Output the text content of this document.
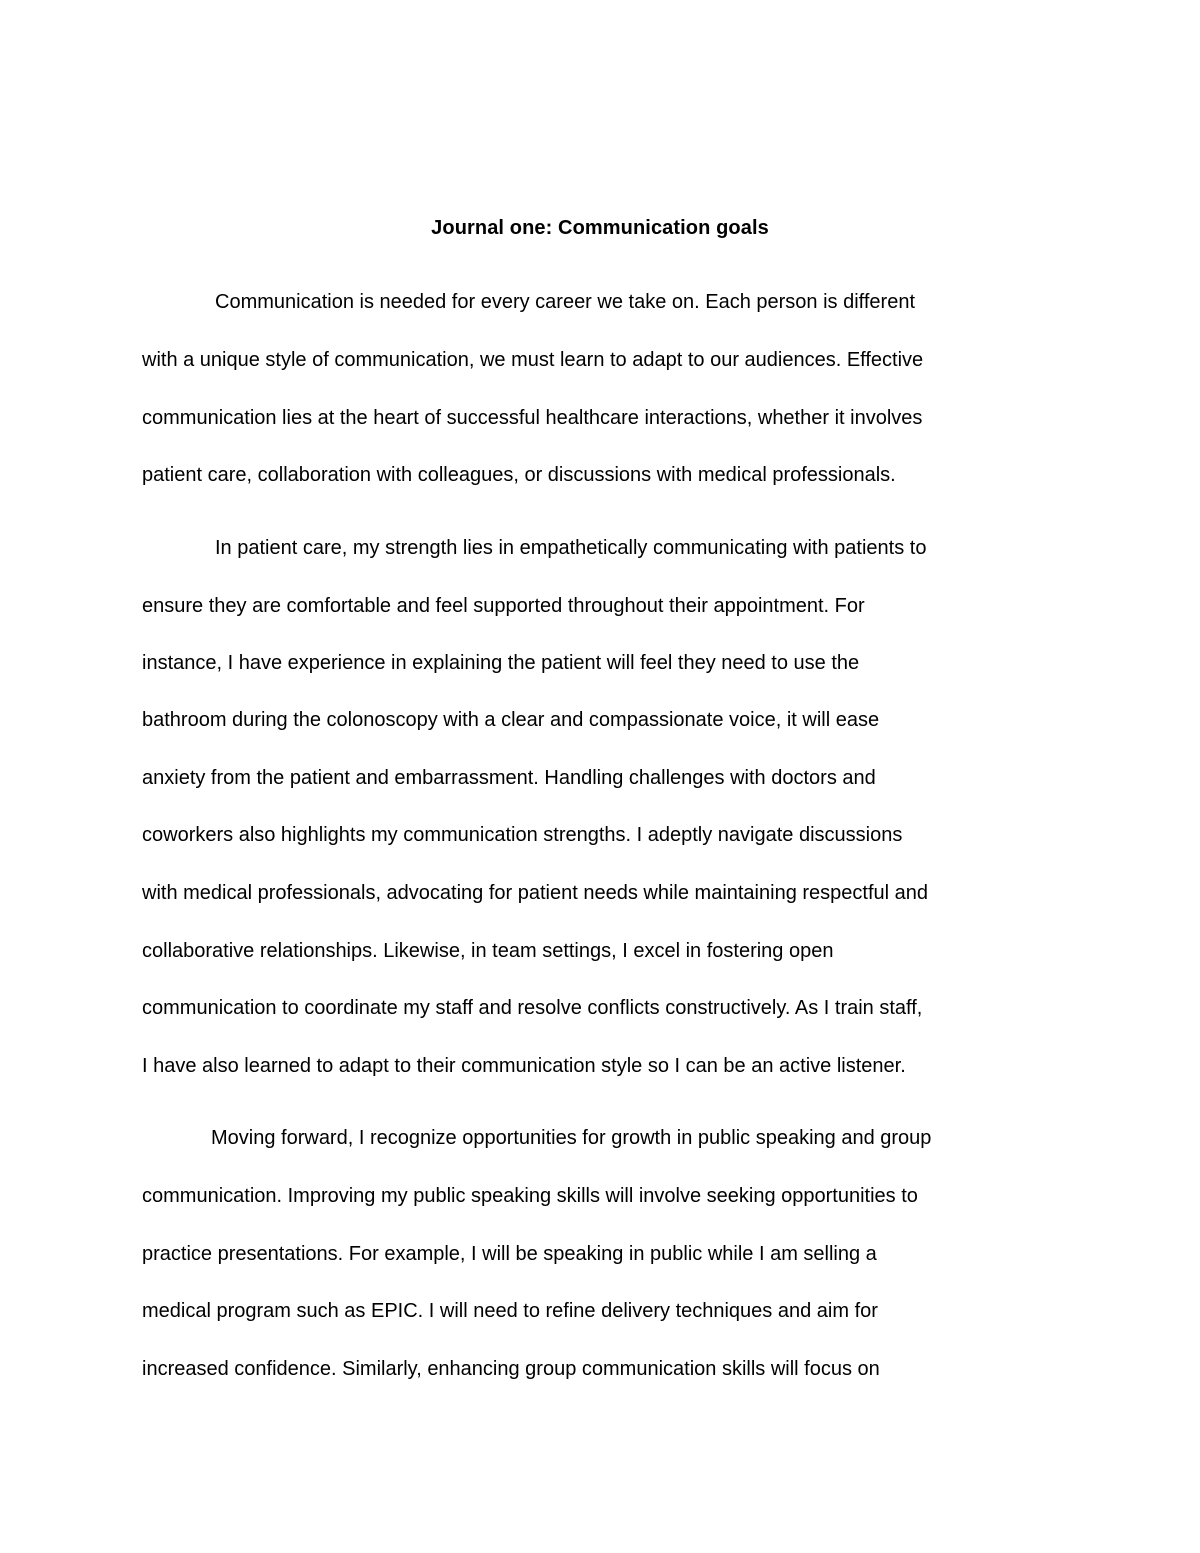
Journal one: Communication goals
Communication is needed for every career we take on. Each person is different
with a unique style of communication, we must learn to adapt to our audiences. Effective
communication lies at the heart of successful healthcare interactions, whether it involves
patient care, collaboration with colleagues, or discussions with medical professionals.
In patient care, my strength lies in empathetically communicating with patients to
ensure they are comfortable and feel supported throughout their appointment. For
instance, I have experience in explaining the patient will feel they need to use the
bathroom during the colonoscopy with a clear and compassionate voice, it will ease
anxiety from the patient and embarrassment. Handling challenges with doctors and
coworkers also highlights my communication strengths. I adeptly navigate discussions
with medical professionals, advocating for patient needs while maintaining respectful and
collaborative relationships. Likewise, in team settings, I excel in fostering open
communication to coordinate my staff and resolve conflicts constructively. As I train staff,
I have also learned to adapt to their communication style so I can be an active listener.
Moving forward, I recognize opportunities for growth in public speaking and group
communication. Improving my public speaking skills will involve seeking opportunities to
practice presentations. For example, I will be speaking in public while I am selling a
medical program such as EPIC. I will need to refine delivery techniques and aim for
increased confidence. Similarly, enhancing group communication skills will focus on
